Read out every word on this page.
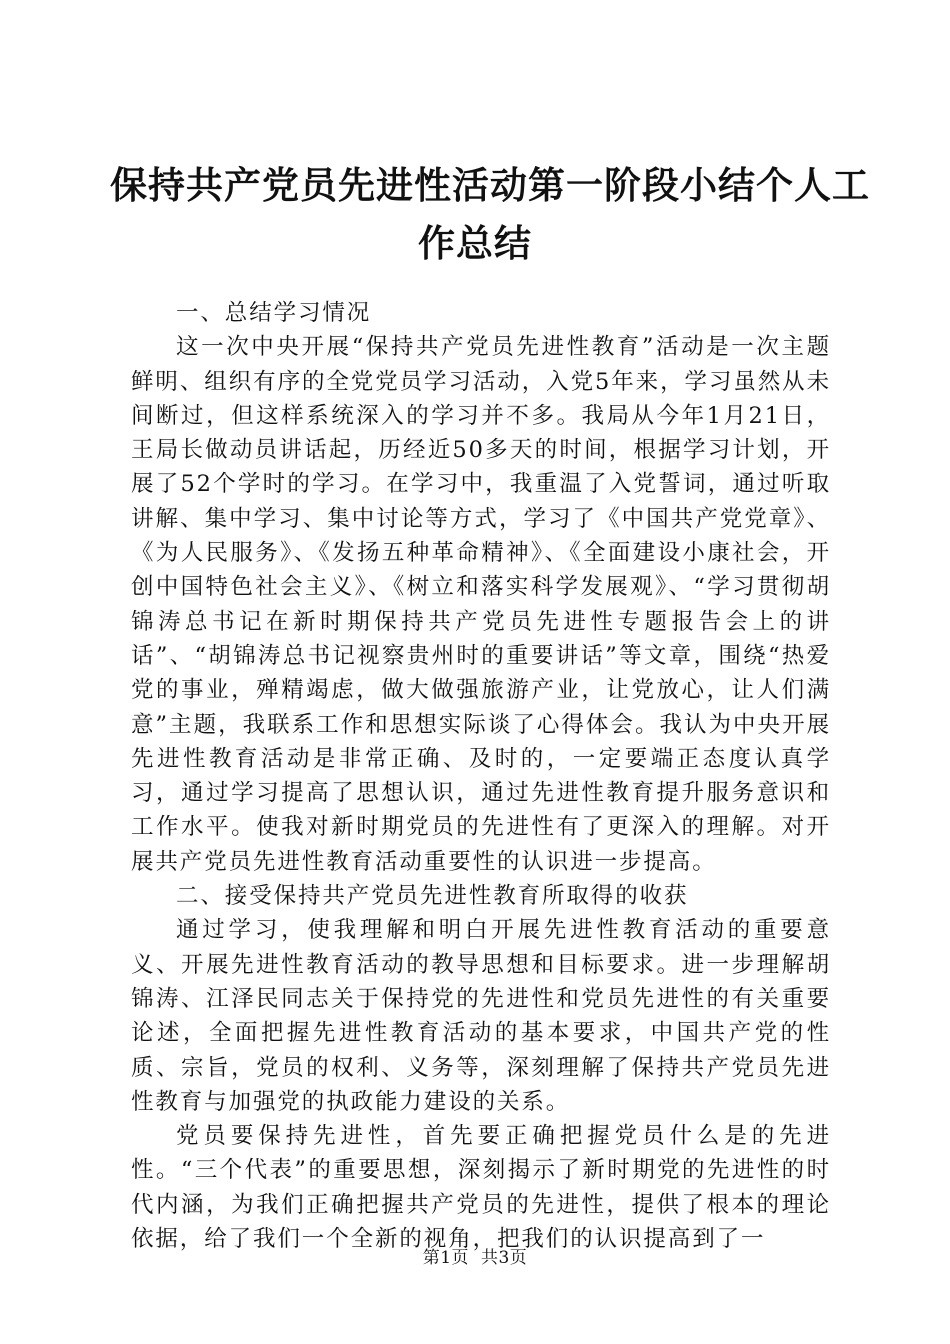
保持共产党员先进性活动第一阶段小结个人工
作总结

一、总结学习情况

这一次中央开展“保持共产党员先进性教育”活动是一次主题鲜明、组织有序的全党党员学习活动，入党5年来，学习虽然从未间断过，但这样系统深入的学习并不多。我局从今年1月21日，王局长做动员讲话起，历经近50多天的时间，根据学习计划，开展了52个学时的学习。在学习中，我重温了入党誓词，通过听取讲解、集中学习、集中讨论等方式，学习了《中国共产党党章》、《为人民服务》、《发扬五种革命精神》、《全面建设小康社会，开创中国特色社会主义》、《树立和落实科学发展观》、“学习贯彻胡锦涛总书记在新时期保持共产党员先进性专题报告会上的讲话”、“胡锦涛总书记视察贵州时的重要讲话”等文章，围绕“热爱党的事业，殚精竭虑，做大做强旅游产业，让党放心，让人们满意”主题，我联系工作和思想实际谈了心得体会。我认为中央开展先进性教育活动是非常正确、及时的，一定要端正态度认真学习，通过学习提高了思想认识，通过先进性教育提升服务意识和工作水平。使我对新时期党员的先进性有了更深入的理解。对开展共产党员先进性教育活动重要性的认识进一步提高。

二、接受保持共产党员先进性教育所取得的收获

通过学习，使我理解和明白开展先进性教育活动的重要意义、开展先进性教育活动的教导思想和目标要求。进一步理解胡锦涛、江泽民同志关于保持党的先进性和党员先进性的有关重要论述，全面把握先进性教育活动的基本要求，中国共产党的性质、宗旨，党员的权利、义务等，深刻理解了保持共产党员先进性教育与加强党的执政能力建设的关系。

党员要保持先进性，首先要正确把握党员什么是的先进性。“三个代表”的重要思想，深刻揭示了新时期党的先进性的时代内涵，为我们正确把握共产党员的先进性，提供了根本的理论依据，给了我们一个全新的视角，把我们的认识提高到了一

第1页 共3页
